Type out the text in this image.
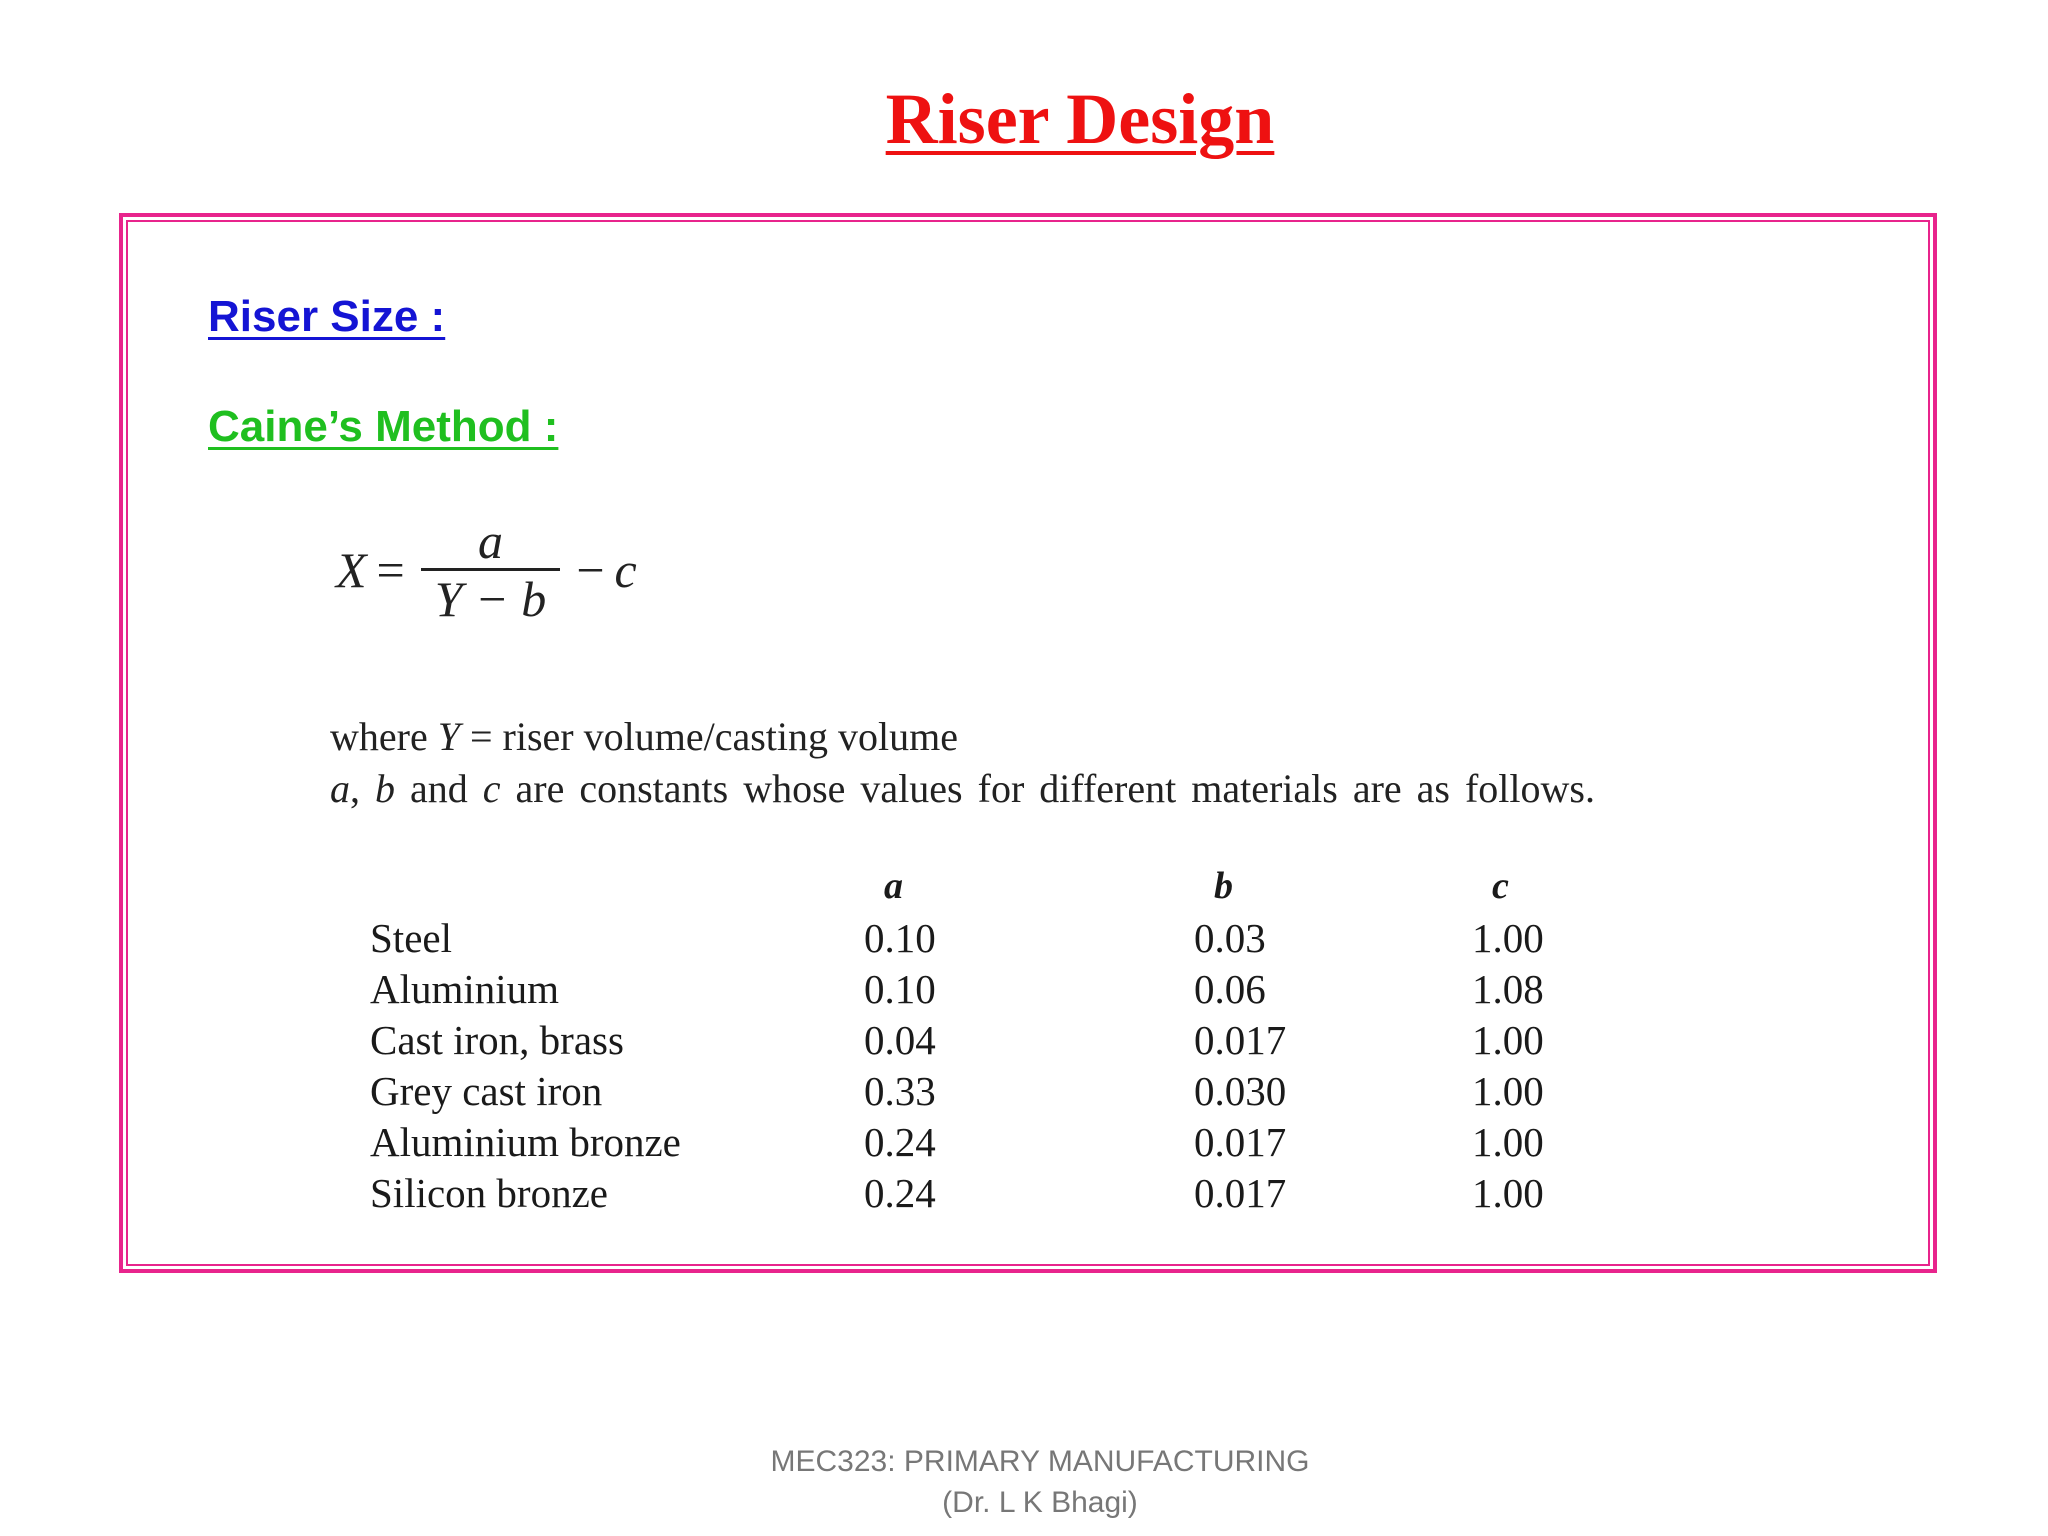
Riser Design
Riser Size :
Caine’s Method :
$X = \frac{a}{Y - b} - c$

where Y = riser volume/casting volume

a, b and c are constants whose values for different materials are as follows.

	a	b	c
Steel	0.10	0.03	1.00
Aluminium	0.10	0.06	1.08
Cast iron, brass	0.04	0.017	1.00
Grey cast iron	0.33	0.030	1.00
Aluminium bronze	0.24	0.017	1.00
Silicon bronze	0.24	0.017	1.00
MEC323: PRIMARY MANUFACTURING
(Dr. L K Bhagi)
